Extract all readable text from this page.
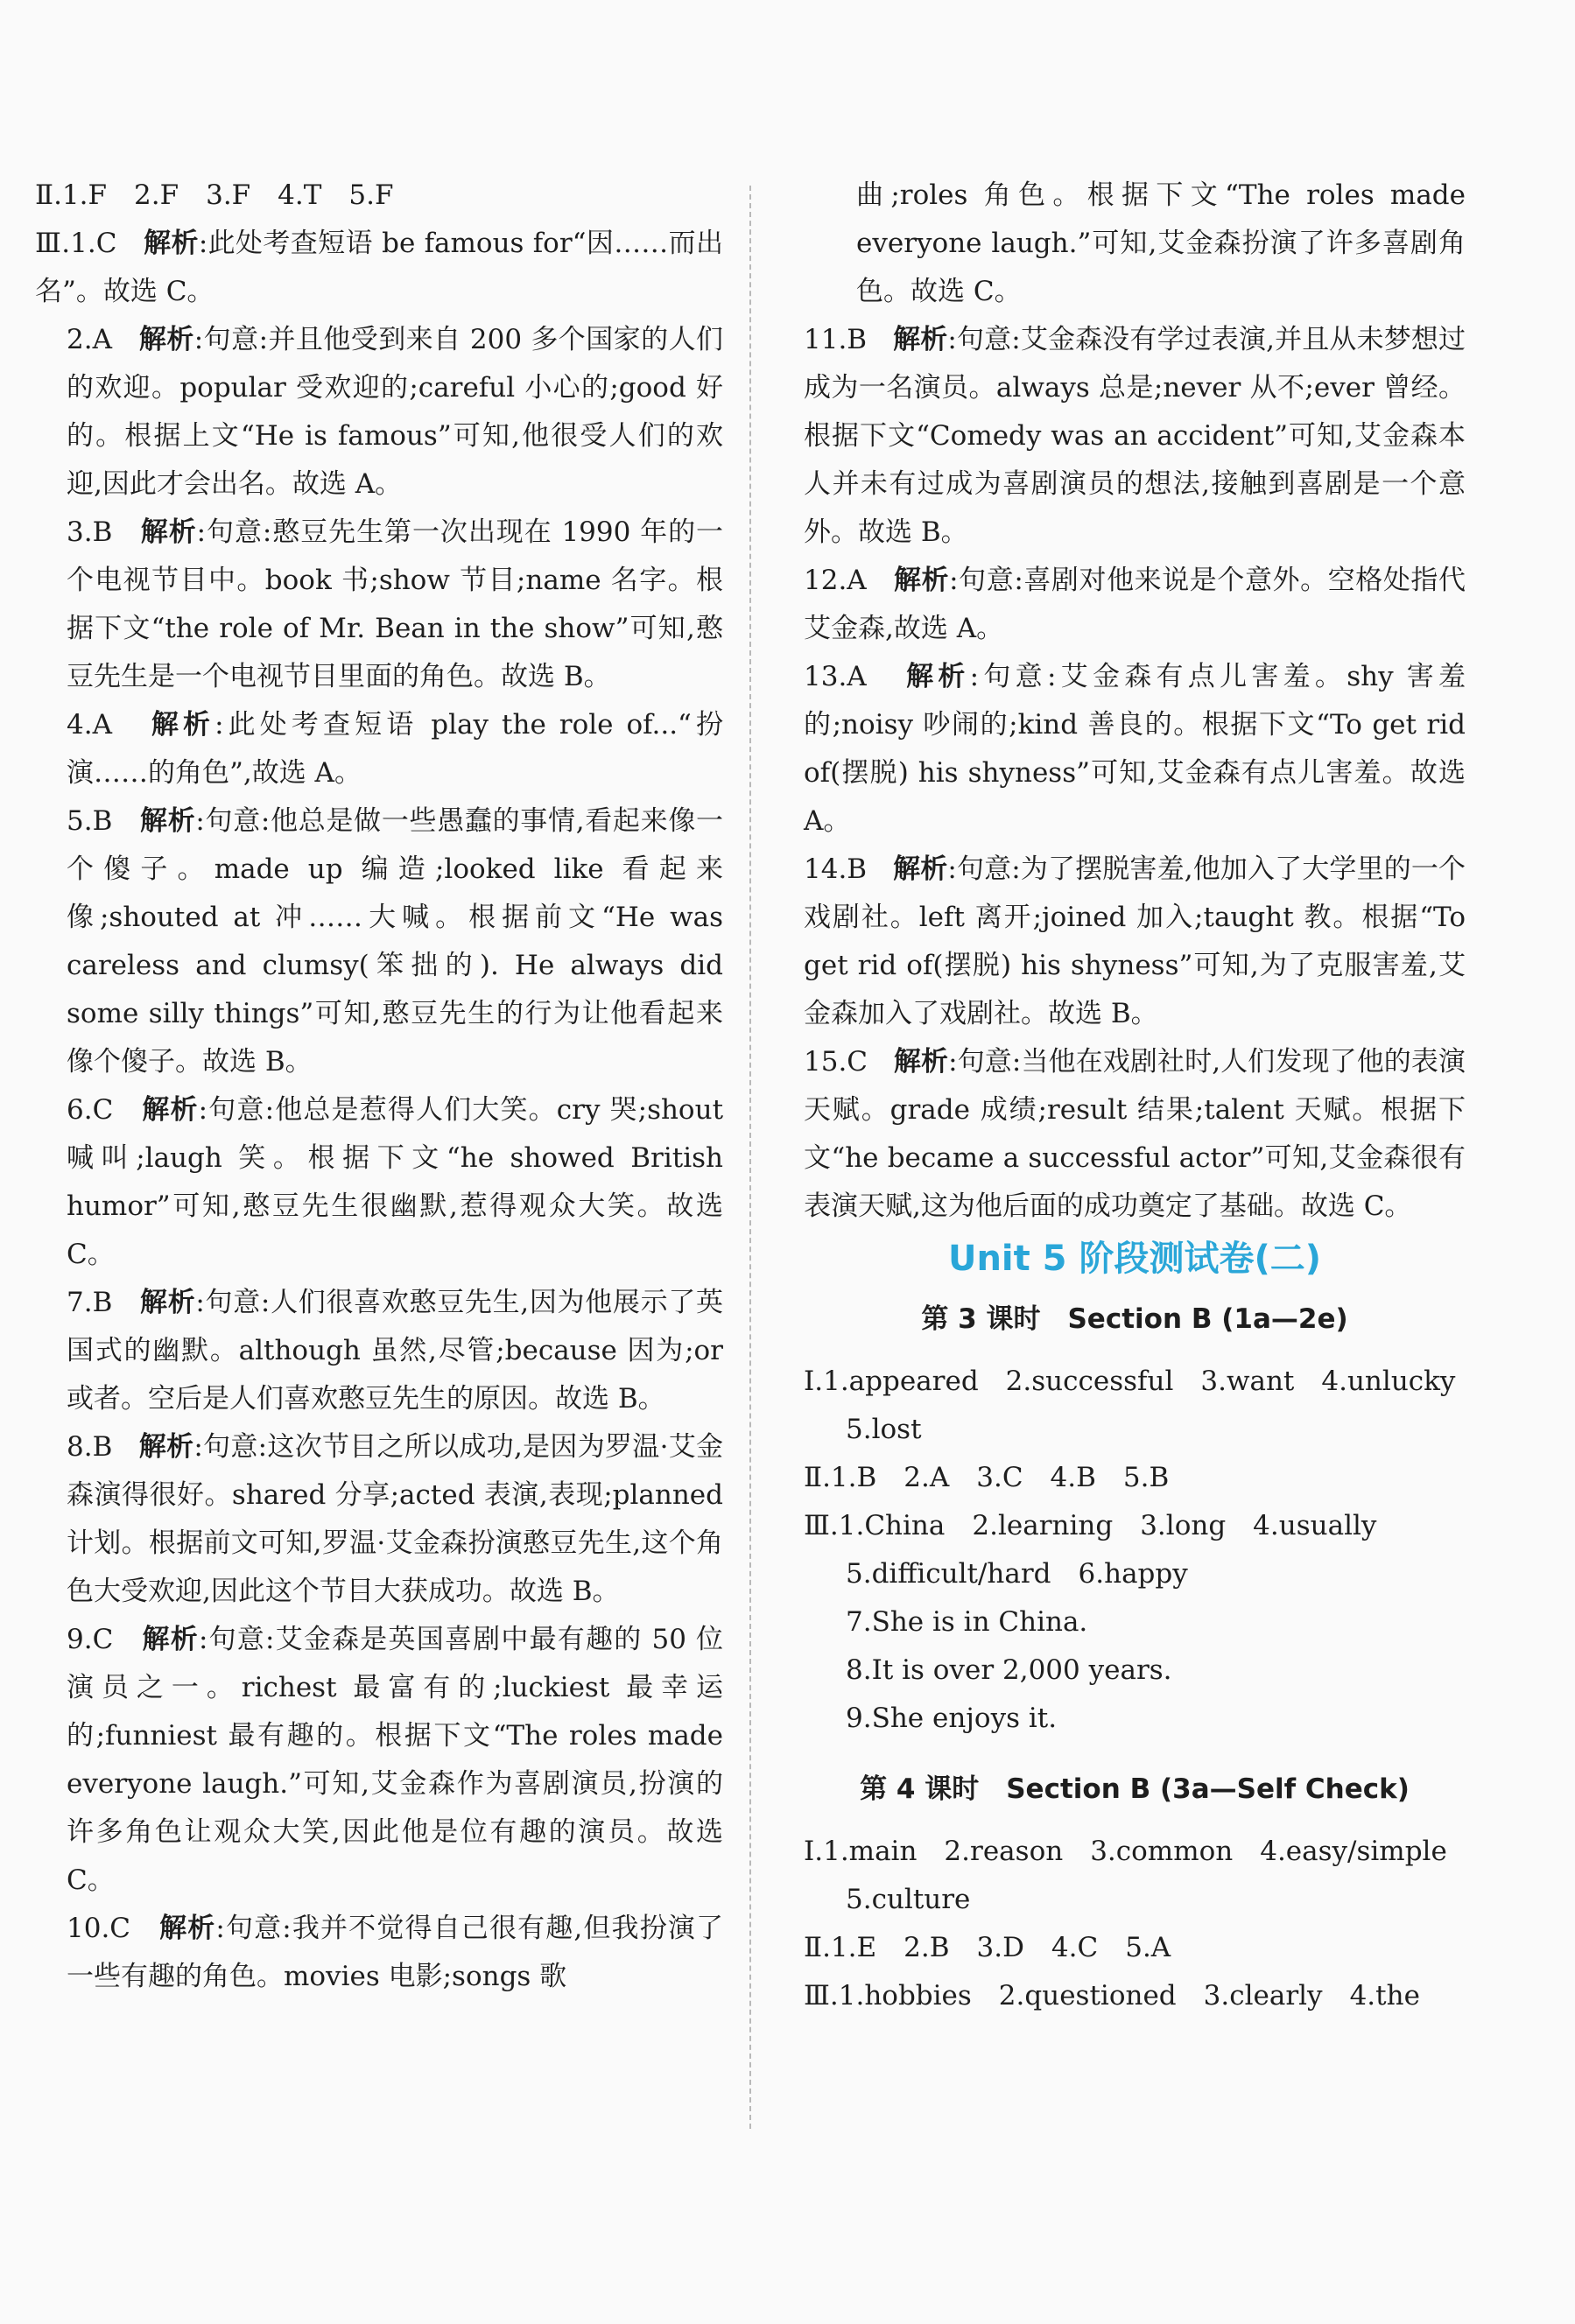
Ⅱ.1.F　2.F　3.F　4.T　5.F
Ⅲ.1.C 解析:此处考查短语 be famous for“因……而出名”。故选 C。
2.A 解析:句意:并且他受到来自 200 多个国家的人们的欢迎。popular 受欢迎的;careful 小心的;good 好的。根据上文“He is famous”可知,他很受人们的欢迎,因此才会出名。故选 A。
3.B 解析:句意:憨豆先生第一次出现在 1990 年的一个电视节目中。book 书;show 节目;name 名字。根据下文“the role of Mr. Bean in the show”可知,憨豆先生是一个电视节目里面的角色。故选 B。
4.A 解析:此处考查短语 play the role of...“扮演……的角色”,故选 A。
5.B 解析:句意:他总是做一些愚蠢的事情,看起来像一个傻子。made up 编造;looked like 看起来像;shouted at 冲……大喊。根据前文“He was careless and clumsy(笨拙的). He always did some silly things”可知,憨豆先生的行为让他看起来像个傻子。故选 B。
6.C 解析:句意:他总是惹得人们大笑。cry 哭;shout 喊叫;laugh 笑。根据下文“he showed British humor”可知,憨豆先生很幽默,惹得观众大笑。故选 C。
7.B 解析:句意:人们很喜欢憨豆先生,因为他展示了英国式的幽默。although 虽然,尽管;because 因为;or 或者。空后是人们喜欢憨豆先生的原因。故选 B。
8.B 解析:句意:这次节目之所以成功,是因为罗温·艾金森演得很好。shared 分享;acted 表演,表现;planned 计划。根据前文可知,罗温·艾金森扮演憨豆先生,这个角色大受欢迎,因此这个节目大获成功。故选 B。
9.C 解析:句意:艾金森是英国喜剧中最有趣的 50 位演员之一。richest 最富有的;luckiest 最幸运的;funniest 最有趣的。根据下文“The roles made everyone laugh.”可知,艾金森作为喜剧演员,扮演的许多角色让观众大笑,因此他是位有趣的演员。故选 C。
10.C 解析:句意:我并不觉得自己很有趣,但我扮演了一些有趣的角色。movies 电影;songs 歌
曲;roles 角色。根据下文“The roles made everyone laugh.”可知,艾金森扮演了许多喜剧角色。故选 C。
11.B 解析:句意:艾金森没有学过表演,并且从未梦想过成为一名演员。always 总是;never 从不;ever 曾经。根据下文“Comedy was an accident”可知,艾金森本人并未有过成为喜剧演员的想法,接触到喜剧是一个意外。故选 B。
12.A 解析:句意:喜剧对他来说是个意外。空格处指代艾金森,故选 A。
13.A 解析:句意:艾金森有点儿害羞。shy 害羞的;noisy 吵闹的;kind 善良的。根据下文“To get rid of(摆脱) his shyness”可知,艾金森有点儿害羞。故选 A。
14.B 解析:句意:为了摆脱害羞,他加入了大学里的一个戏剧社。left 离开;joined 加入;taught 教。根据“To get rid of(摆脱) his shyness”可知,为了克服害羞,艾金森加入了戏剧社。故选 B。
15.C 解析:句意:当他在戏剧社时,人们发现了他的表演天赋。grade 成绩;result 结果;talent 天赋。根据下文“he became a successful actor”可知,艾金森很有表演天赋,这为他后面的成功奠定了基础。故选 C。
Unit 5 阶段测试卷(二)
第 3 课时　Section B (1a—2e)
Ⅰ.1.appeared　2.successful　3.want　4.unlucky
5.lost
Ⅱ.1.B　2.A　3.C　4.B　5.B
Ⅲ.1.China　2.learning　3.long　4.usually
5.difficult/hard　6.happy
7.She is in China.
8.It is over 2,000 years.
9.She enjoys it.
第 4 课时　Section B (3a—Self Check)
Ⅰ.1.main　2.reason　3.common　4.easy/simple
5.culture
Ⅱ.1.E　2.B　3.D　4.C　5.A
Ⅲ.1.hobbies　2.questioned　3.clearly　4.the
